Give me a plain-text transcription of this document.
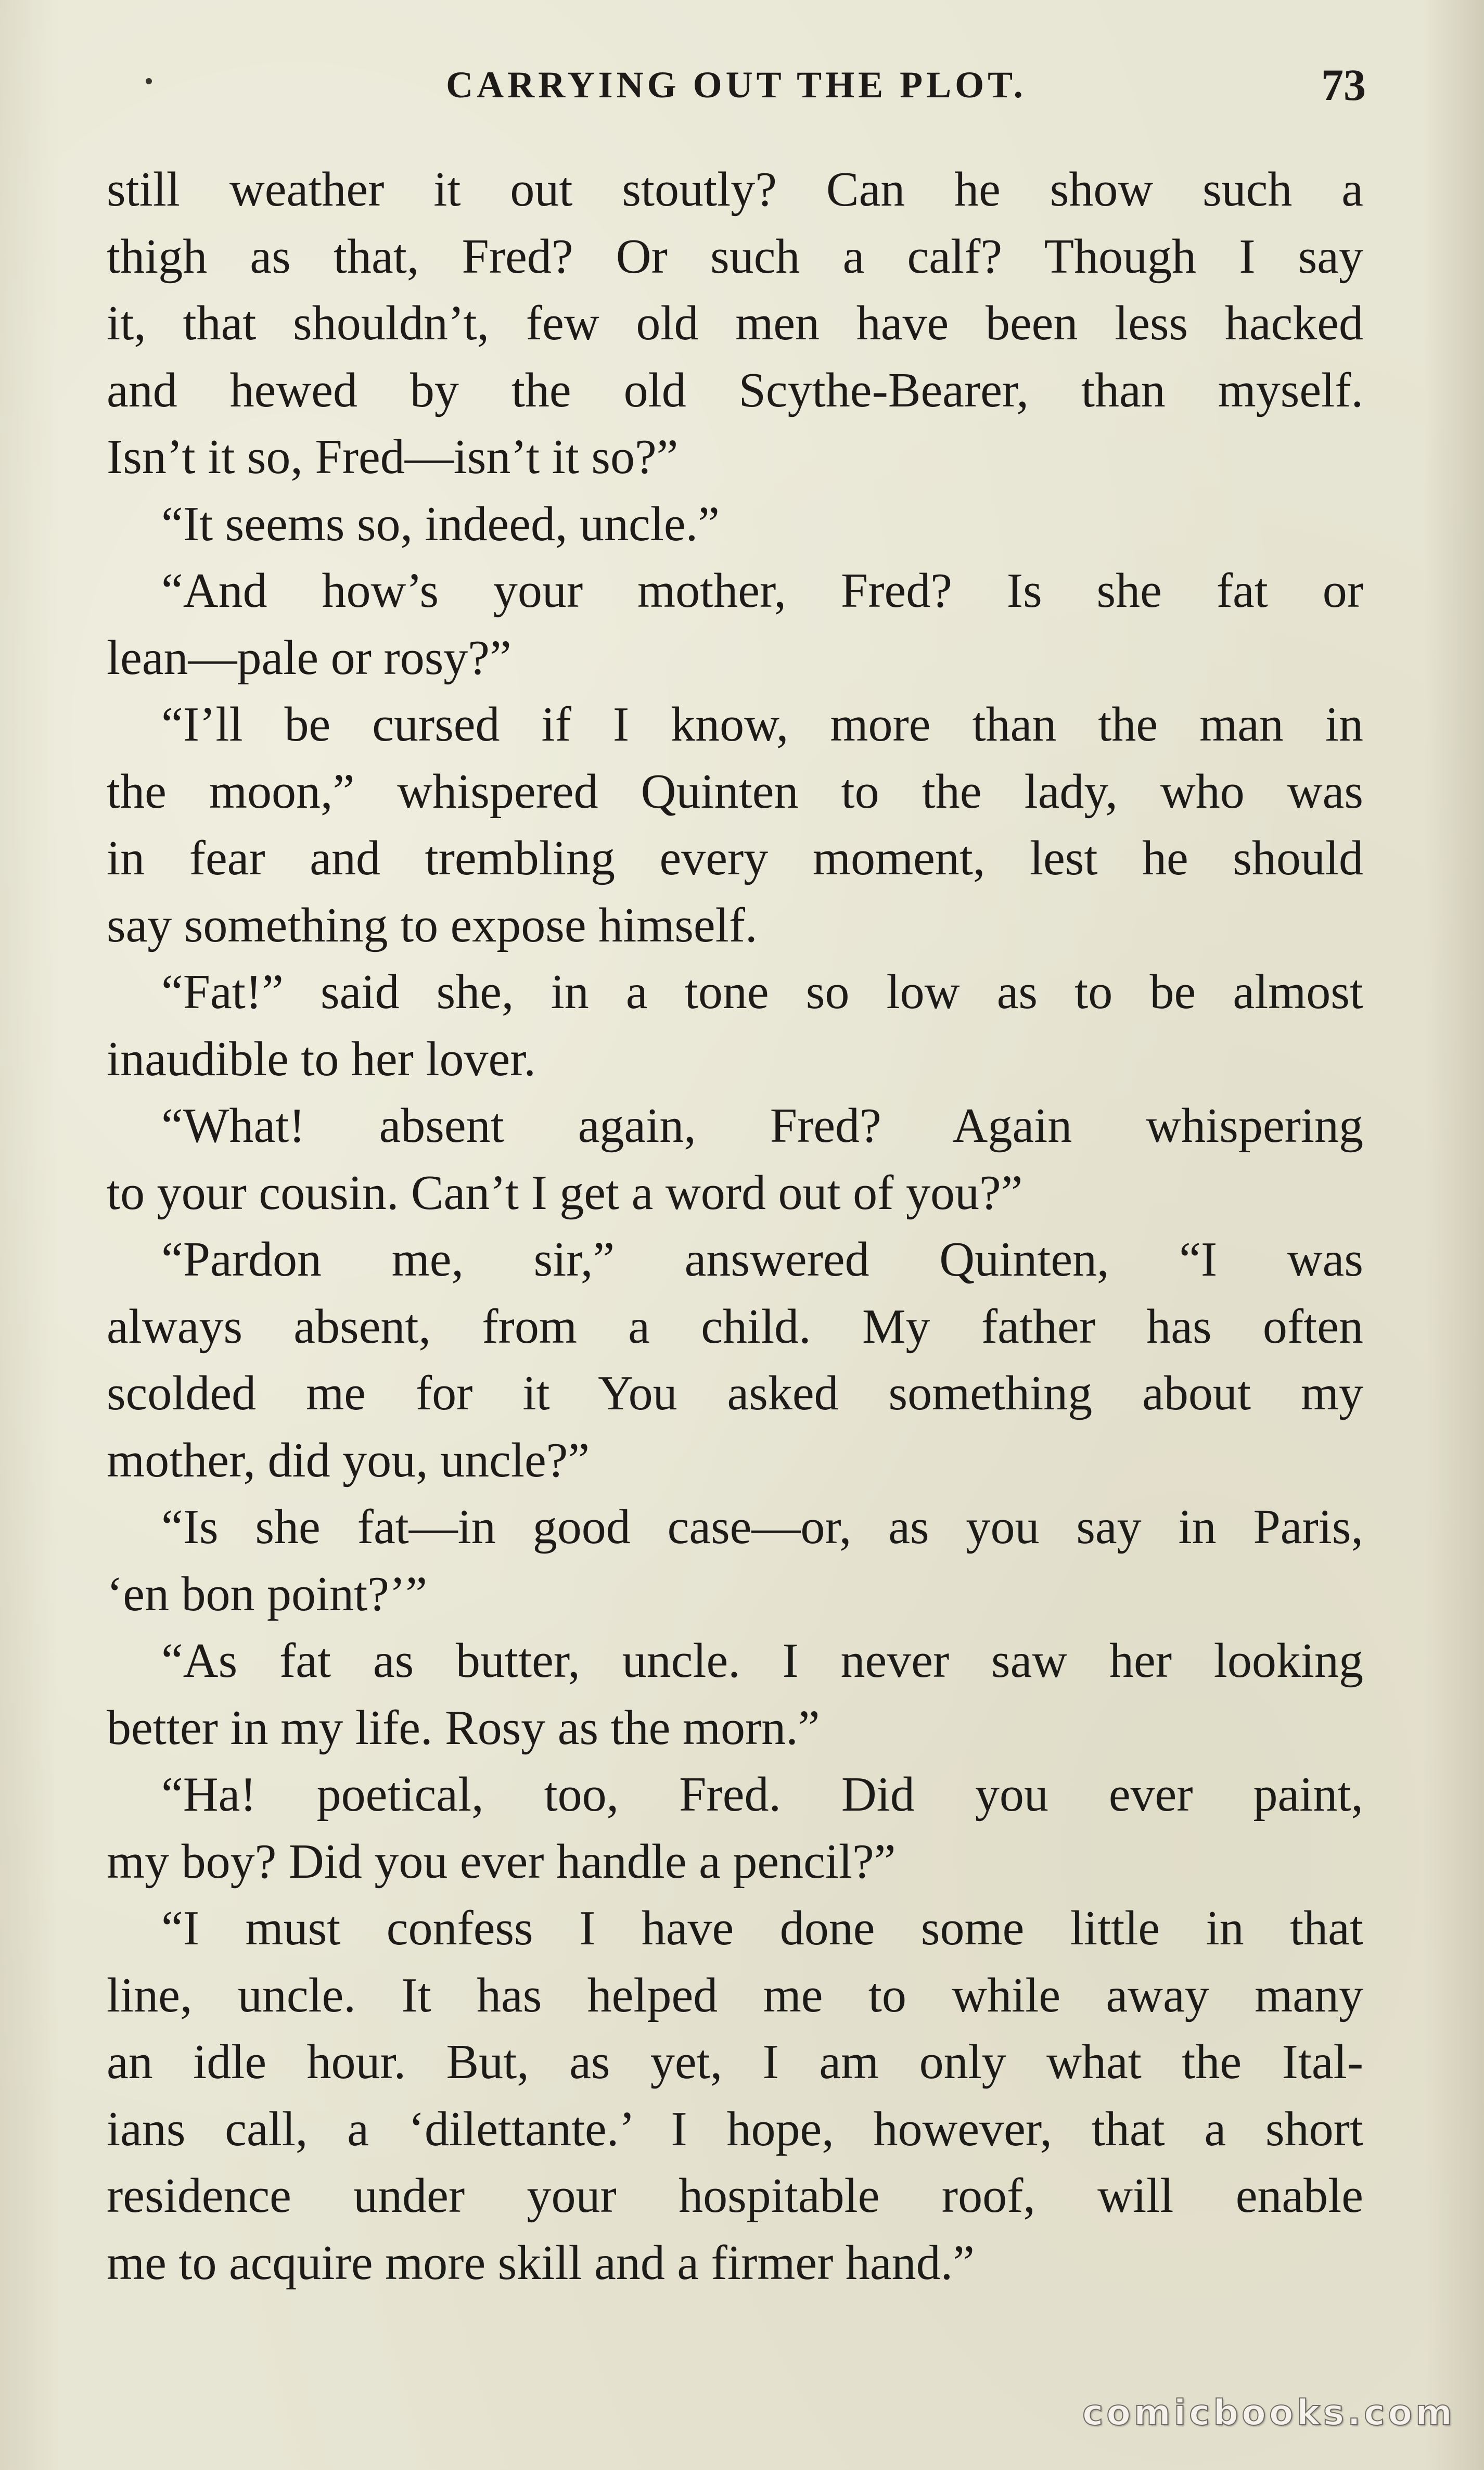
CARRYING OUT THE PLOT.	73
still weather it out stoutly? Can he show such a
thigh as that, Fred? Or such a calf? Though I say
it, that shouldn’t, few old men have been less hacked
and hewed by the old Scythe-Bearer, than myself.
Isn’t it so, Fred—isn’t it so?”
“It seems so, indeed, uncle.”
“And how’s your mother, Fred? Is she fat or
lean—pale or rosy?”
“I’ll be cursed if I know, more than the man in
the moon,” whispered Quinten to the lady, who was
in fear and trembling every moment, lest he should
say something to expose himself.
“Fat!” said she, in a tone so low as to be almost
inaudible to her lover.
“What! absent again, Fred? Again whispering
to your cousin. Can’t I get a word out of you?”
“Pardon me, sir,” answered Quinten, “I was
always absent, from a child. My father has often
scolded me for it You asked something about my
mother, did you, uncle?”
“Is she fat—in good case—or, as you say in Paris,
‘en bon point?’”
“As fat as butter, uncle. I never saw her looking
better in my life. Rosy as the morn.”
“Ha! poetical, too, Fred. Did you ever paint,
my boy? Did you ever handle a pencil?”
“I must confess I have done some little in that
line, uncle. It has helped me to while away many
an idle hour. But, as yet, I am only what the Ital-
ians call, a ‘dilettante.’ I hope, however, that a short
residence under your hospitable roof, will enable
me to acquire more skill and a firmer hand.”
comicbooks.com
